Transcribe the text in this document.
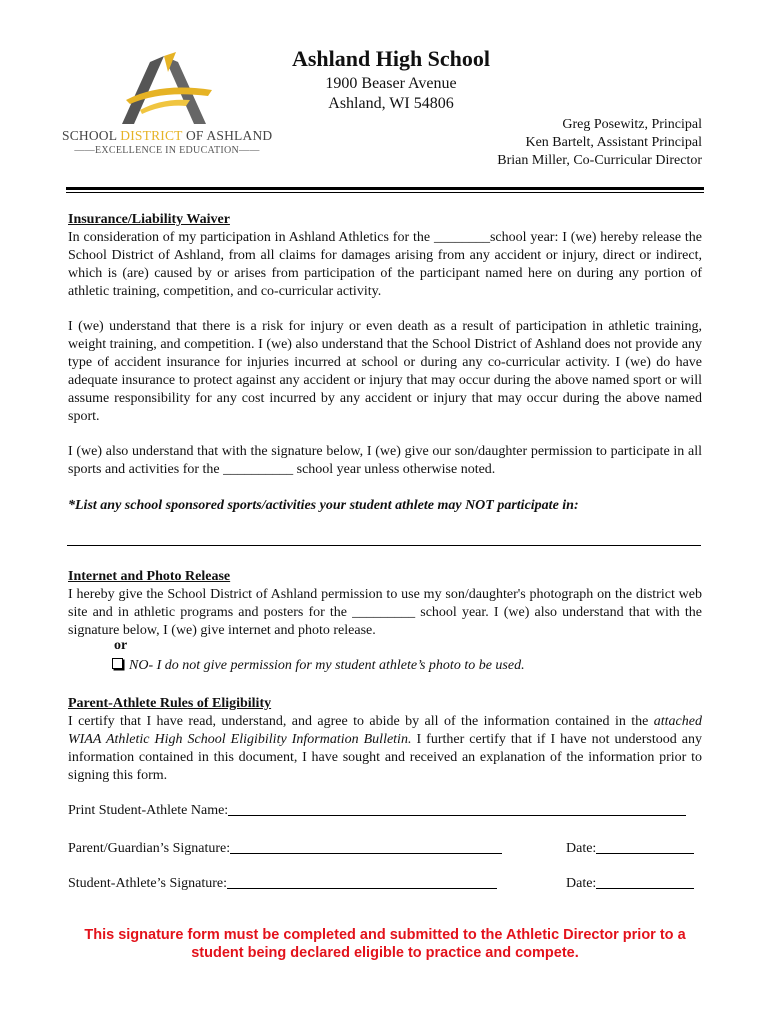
SCHOOL DISTRICT OF ASHLAND
——EXCELLENCE IN EDUCATION——
Ashland High School
1900 Beaser Avenue
Ashland, WI 54806
Greg Posewitz, Principal
Ken Bartelt, Assistant Principal
Brian Miller, Co-Curricular Director
Insurance/Liability Waiver

In consideration of my participation in Ashland Athletics for the ________school year: I (we) hereby release the School District of Ashland, from all claims for damages arising from any accident or injury, direct or indirect, which is (are) caused by or arises from participation of the participant named here on during any portion of athletic training, competition, and co-curricular activity.

I (we) understand that there is a risk for injury or even death as a result of participation in athletic training, weight training, and competition. I (we) also understand that the School District of Ashland does not provide any type of accident insurance for injuries incurred at school or during any co-curricular activity. I (we) do have adequate insurance to protect against any accident or injury that may occur during the above named sport or will assume responsibility for any cost incurred by any accident or injury that may occur during the above named sport.

I (we) also understand that with the signature below, I (we) give our son/daughter permission to participate in all sports and activities for the __________ school year unless otherwise noted.

*List any school sponsored sports/activities your student athlete may NOT participate in:
Internet and Photo Release

I hereby give the School District of Ashland permission to use my son/daughter's photograph on the district web site and in athletic programs and posters for the _________ school year. I (we) also understand that with the signature below, I (we) give internet and photo release.

or
NO- I do not give permission for my student athlete’s photo to be used.
Parent-Athlete Rules of Eligibility

I certify that I have read, understand, and agree to abide by all of the information contained in the attached WIAA Athletic High School Eligibility Information Bulletin. I further certify that if I have not understood any information contained in this document, I have sought and received an explanation of the information prior to signing this form.

Print Student-Athlete Name:
Parent/Guardian’s Signature:	Date:
Student-Athlete’s Signature:	Date:
This signature form must be completed and submitted to the Athletic Director prior to a
student being declared eligible to practice and compete.
